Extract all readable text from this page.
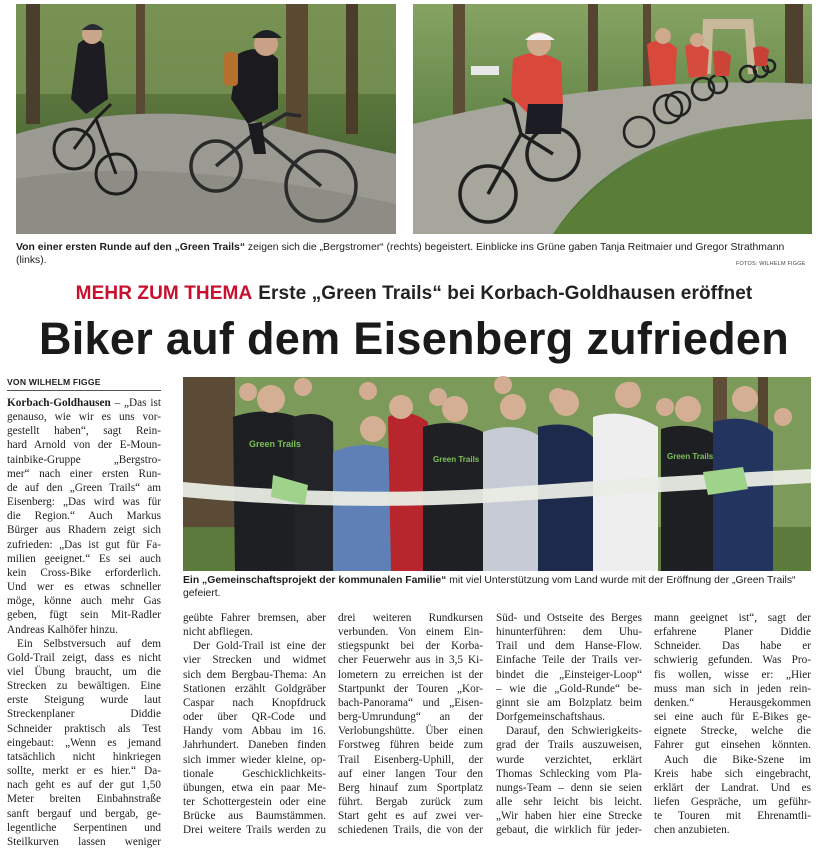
Von einer ersten Runde auf den „Green Trails“ zeigen sich die „Bergstromer“ (rechts) begeistert. Einblicke ins Grüne gaben Tanja Reitmaier und Gregor Strathmann (links).	FOTOS: WILHELM FIGGE
MEHR ZUM THEMA Erste „Green Trails“ bei Korbach-Goldhausen eröffnet
Biker auf dem Eisenberg zufrieden
VON WILHELM FIGGE
Green Trails
Green Trails	Green Trails
Ein „Gemeinschaftsprojekt der kommunalen Familie“ mit viel Unterstützung vom Land wurde mit der Eröffnung der „Green Trails“ gefeiert.
Korbach-Goldhausen – „Das ist
genauso, wie wir es uns vor-
gestellt haben“, sagt Rein-
hard Arnold von der E-Moun-
tainbike-Gruppe „Bergstro-
mer“ nach einer ersten Run-
de auf den „Green Trails“ am
Eisenberg: „Das wird was für
die Region.“ Auch Markus
Bürger aus Rhadern zeigt sich
zufrieden: „Das ist gut für Fa-
milien geeignet.“ Es sei auch
kein Cross-Bike erforderlich.
Und wer es etwas schneller
möge, könne auch mehr Gas
geben, fügt sein Mit-Radler
Andreas Kalhöfer hinzu.
Ein Selbstversuch auf dem
Gold-Trail zeigt, dass es nicht
viel Übung braucht, um die
Strecken zu bewältigen. Eine
erste Steigung wurde laut
Streckenplaner Diddie
Schneider praktisch als Test
eingebaut: „Wenn es jemand
tatsächlich nicht hinkriegen
sollte, merkt er es hier.“ Da-
nach geht es auf der gut 1,50
Meter breiten Einbahnstraße
sanft bergauf und bergab, ge-
legentliche Serpentinen und
Steilkurven lassen weniger
geübte Fahrer bremsen, aber
nicht abfliegen.
Der Gold-Trail ist eine der
vier Strecken und widmet
sich dem Bergbau-Thema: An
Stationen erzählt Goldgräber
Caspar nach Knopfdruck
oder über QR-Code und
Handy vom Abbau im 16.
Jahrhundert. Daneben finden
sich immer wieder kleine, op-
tionale Geschicklichkeits-
übungen, etwa ein paar Me-
ter Schottergestein oder eine
Brücke aus Baumstämmen.
Drei weitere Trails werden zu
drei weiteren Rundkursen
verbunden. Von einem Ein-
stiegspunkt bei der Korba-
cher Feuerwehr aus in 3,5 Ki-
lometern zu erreichen ist der
Startpunkt der Touren „Kor-
bach-Panorama“ und „Eisen-
berg-Umrundung“ an der
Verlobungshütte. Über einen
Forstweg führen beide zum
Trail Eisenberg-Uphill, der
auf einer langen Tour den
Berg hinauf zum Sportplatz
führt. Bergab zurück zum
Start geht es auf zwei ver-
schiedenen Trails, die von der
Süd- und Ostseite des Berges
hinunterführen: dem Uhu-
Trail und dem Hanse-Flow.
Einfache Teile der Trails ver-
bindet die „Einsteiger-Loop“
– wie die „Gold-Runde“ be-
ginnt sie am Bolzplatz beim
Dorfgemeinschaftshaus.
Darauf, den Schwierigkeits-
grad der Trails auszuweisen,
wurde verzichtet, erklärt
Thomas Schlecking vom Pla-
nungs-Team – denn sie seien
alle sehr leicht bis leicht.
„Wir haben hier eine Strecke
gebaut, die wirklich für jeder-
mann geeignet ist“, sagt der
erfahrene Planer Diddie
Schneider. Das habe er
schwierig gefunden. Was Pro-
fis wollen, wisse er: „Hier
muss man sich in jeden rein-
denken.“ Herausgekommen
sei eine auch für E-Bikes ge-
eignete Strecke, welche die
Fahrer gut einsehen könnten.
Auch die Bike-Szene im
Kreis habe sich eingebracht,
erklärt der Landrat. Und es
liefen Gespräche, um geführ-
te Touren mit Ehrenamtli-
chen anzubieten.
